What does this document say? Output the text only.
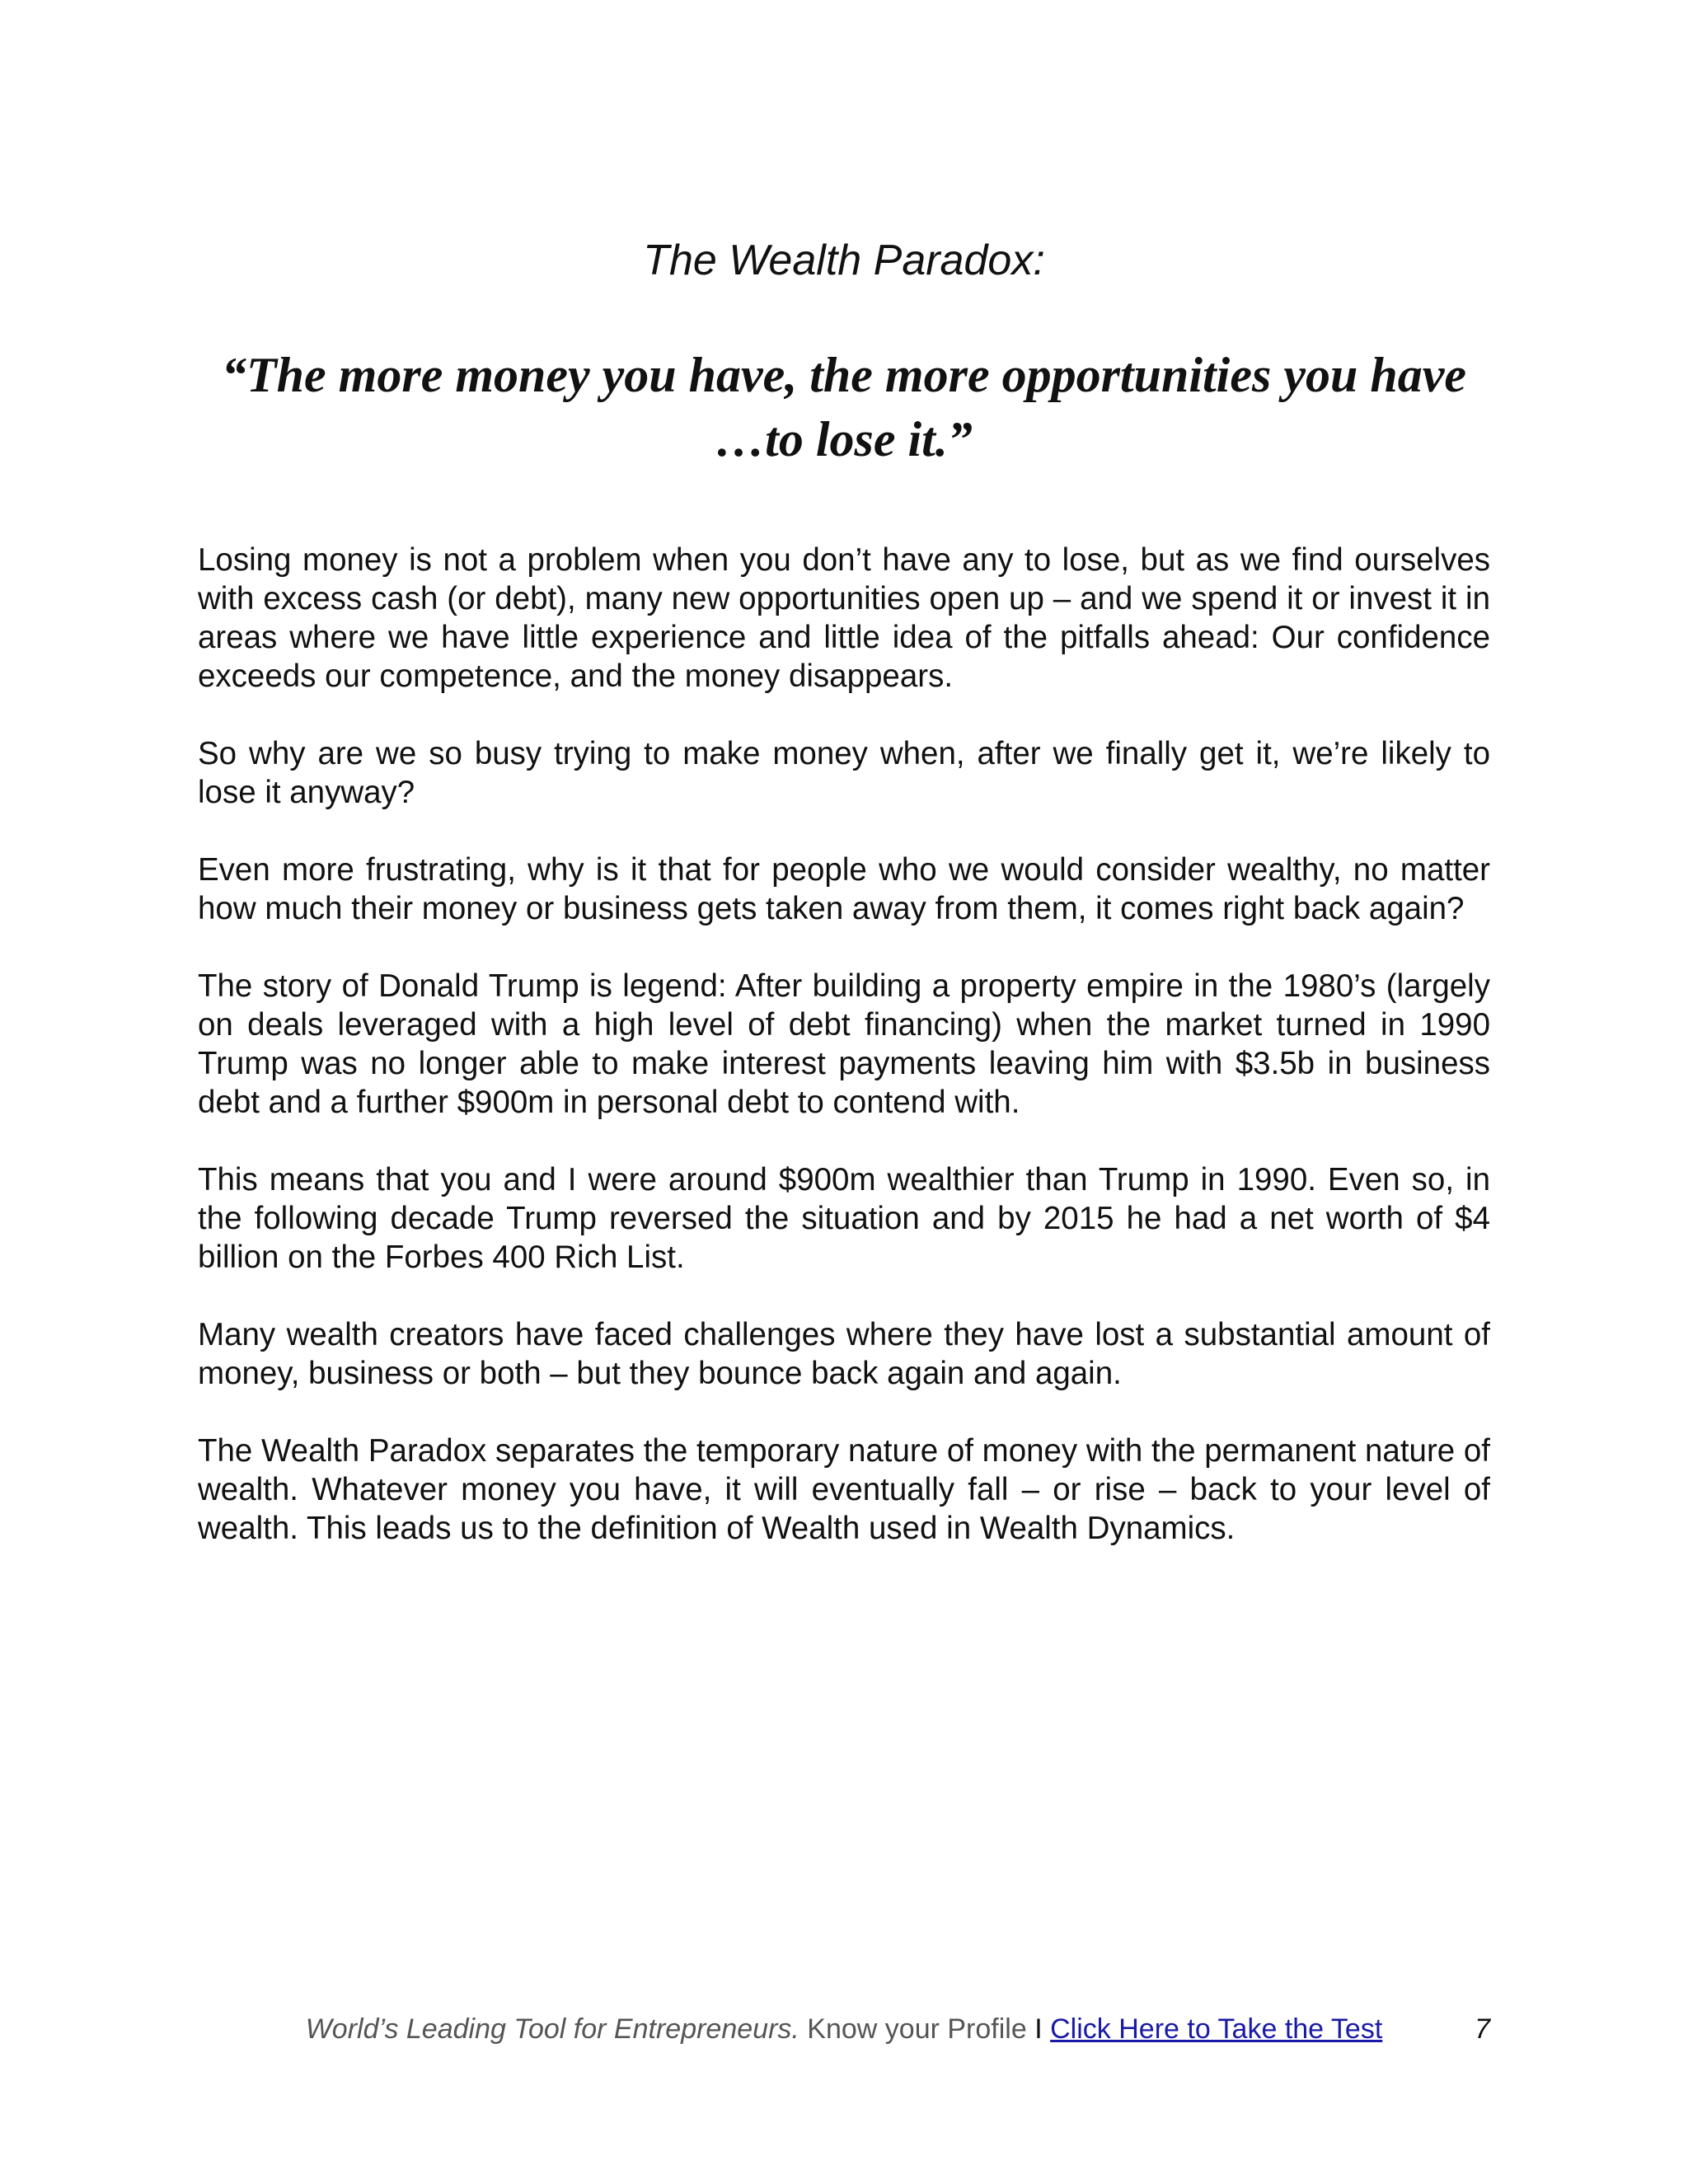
The Wealth Paradox:
“The more money you have, the more opportunities you have
…to lose it.”

Losing money is not a problem when you don’t have any to lose, but as we find ourselves with excess cash (or debt), many new opportunities open up – and we spend it or invest it in areas where we have little experience and little idea of the pitfalls ahead: Our confidence exceeds our competence, and the money disappears.

So why are we so busy trying to make money when, after we finally get it, we’re likely to lose it anyway?

Even more frustrating, why is it that for people who we would consider wealthy, no matter how much their money or business gets taken away from them, it comes right back again?

The story of Donald Trump is legend: After building a property empire in the 1980’s (largely on deals leveraged with a high level of debt financing) when the market turned in 1990 Trump was no longer able to make interest payments leaving him with $3.5b in business debt and a further $900m in personal debt to contend with.

This means that you and I were around $900m wealthier than Trump in 1990. Even so, in the following decade Trump reversed the situation and by 2015 he had a net worth of $4 billion on the Forbes 400 Rich List.

Many wealth creators have faced challenges where they have lost a substantial amount of money, business or both – but they bounce back again and again.

The Wealth Paradox separates the temporary nature of money with the permanent nature of wealth. Whatever money you have, it will eventually fall – or rise – back to your level of wealth. This leads us to the definition of Wealth used in Wealth Dynamics.

World’s Leading Tool for Entrepreneurs. Know your Profile I Click Here to Take the Test	7
